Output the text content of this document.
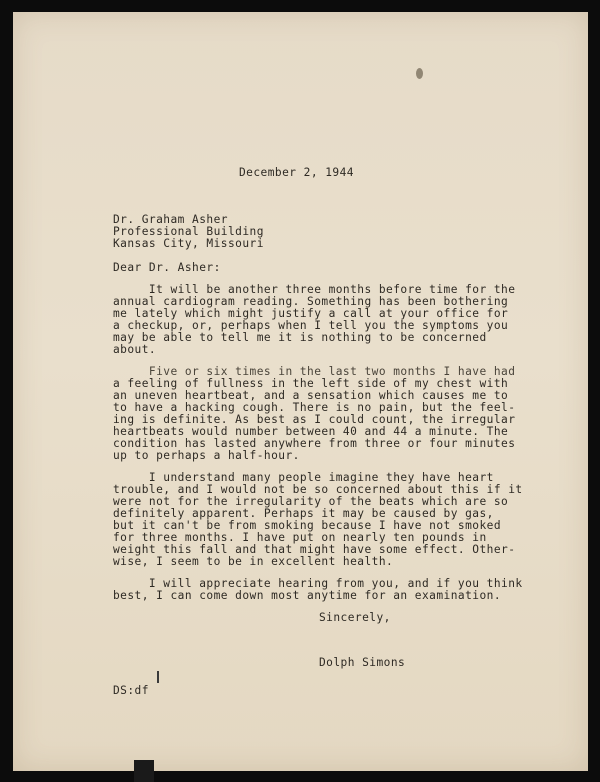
December 2, 1944
Dr. Graham Asher
Professional Building
Kansas City, Missouri
Dear Dr. Asher:
It will be another three months before time for the
annual cardiogram reading. Something has been bothering
me lately which might justify a call at your office for
a checkup, or, perhaps when I tell you the symptoms you
may be able to tell me it is nothing to be concerned
about.
Five or six times in the last two months I have had
a feeling of fullness in the left side of my chest with
an uneven heartbeat, and a sensation which causes me to
to have a hacking cough. There is no pain, but the feel-
ing is definite. As best as I could count, the irregular
heartbeats would number between 40 and 44 a minute. The
condition has lasted anywhere from three or four minutes
up to perhaps a half-hour.
I understand many people imagine they have heart
trouble, and I would not be so concerned about this if it
were not for the irregularity of the beats which are so
definitely apparent. Perhaps it may be caused by gas,
but it can't be from smoking because I have not smoked
for three months. I have put on nearly ten pounds in
weight this fall and that might have some effect. Other-
wise, I seem to be in excellent health.
I will appreciate hearing from you, and if you think
best, I can come down most anytime for an examination.
Sincerely,
Dolph Simons
DS:df
